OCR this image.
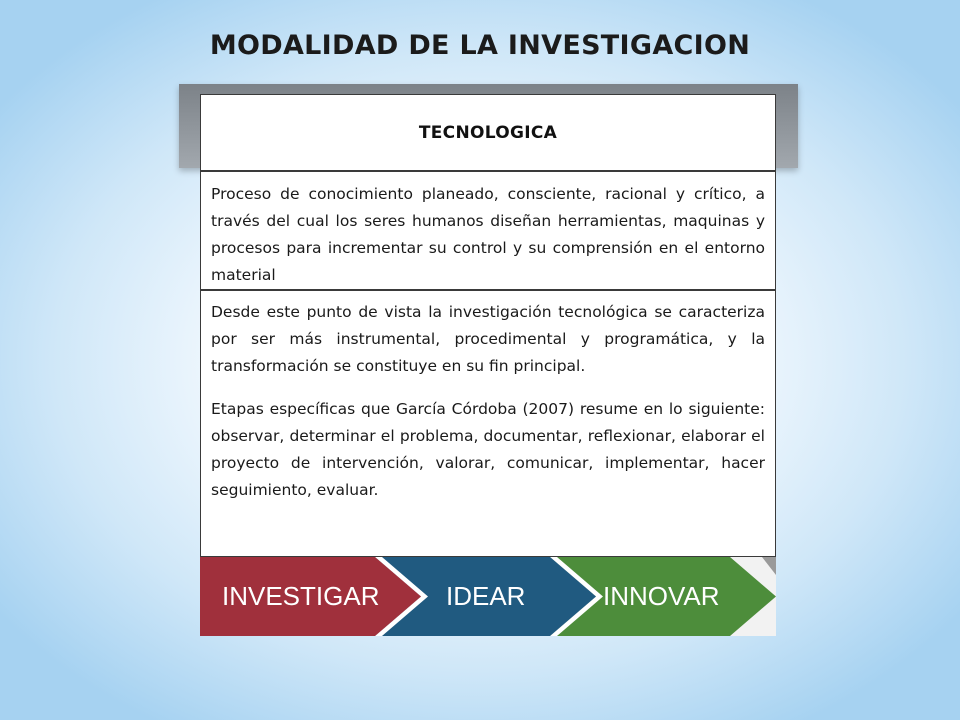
MODALIDAD DE LA INVESTIGACION
TECNOLOGICA

Proceso de conocimiento planeado, consciente, racional y crítico, a través del cual los seres humanos diseñan herramientas, maquinas y procesos para incrementar su control y su comprensión en el entorno material

Desde este punto de vista la investigación tecnológica se caracteriza por ser más instrumental, procedimental y programática, y la transformación se constituye en su fin principal.

Etapas específicas que García Córdoba (2007) resume en lo siguiente: observar, determinar el problema, documentar, reflexionar, elaborar el proyecto de intervención, valorar, comunicar, implementar, hacer seguimiento, evaluar.

INVESTIGAR	IDEAR	INNOVAR
